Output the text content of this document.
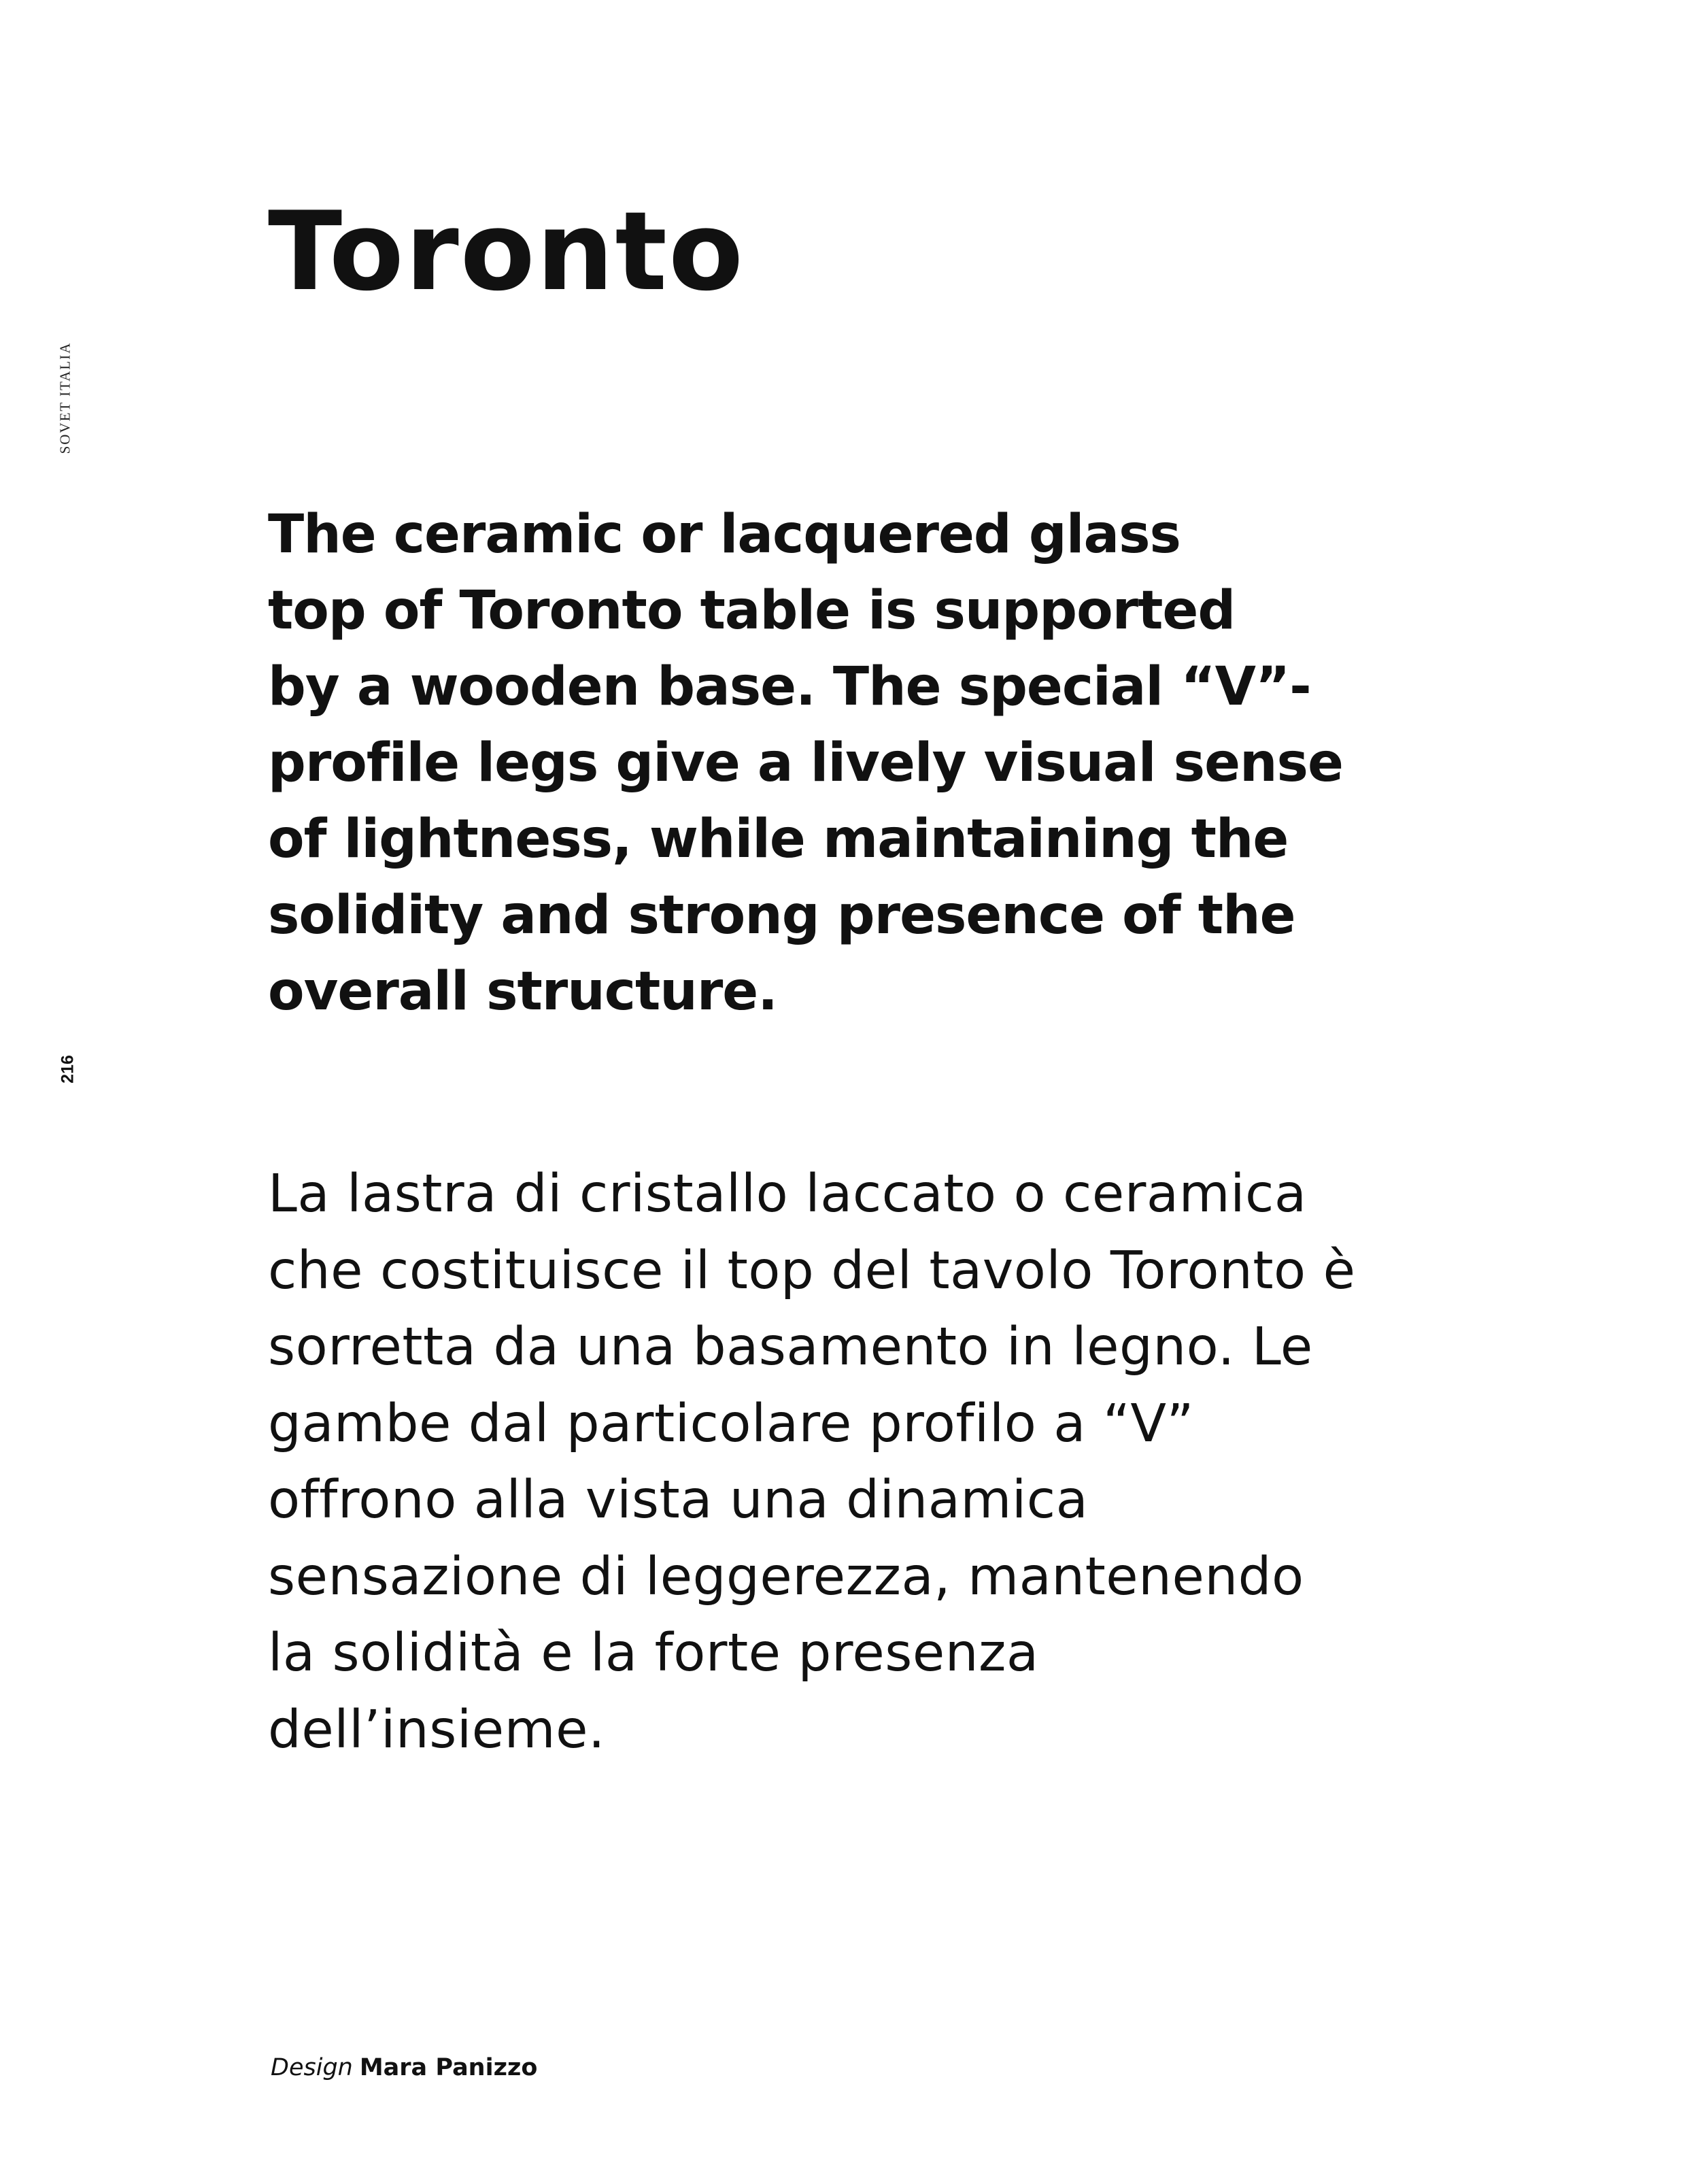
SOVET ITALIA
216
Toronto

The ceramic or lacquered glass
top of Toronto table is supported
by a wooden base. The special “V”-
profile legs give a lively visual sense
of lightness, while maintaining the
solidity and strong presence of the
overall structure.

La lastra di cristallo laccato o ceramica
che costituisce il top del tavolo Toronto è
sorretta da una basamento in legno. Le
gambe dal particolare profilo a “V”
offrono alla vista una dinamica
sensazione di leggerezza, mantenendo
la solidità e la forte presenza
dell’insieme.

Design Mara Panizzo
